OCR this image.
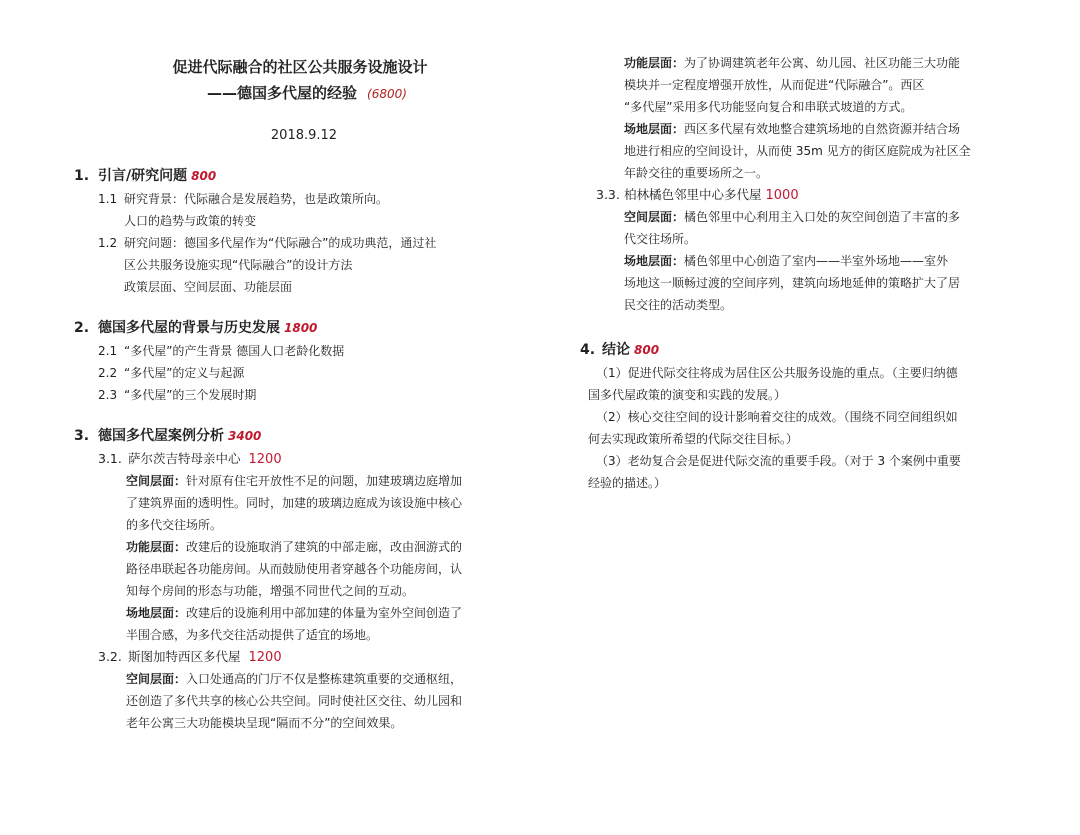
促进代际融合的社区公共服务设施设计
——德国多代屋的经验 (6800)
2018.9.12
1. 引言/研究问题 800
1.1 研究背景：代际融合是发展趋势，也是政策所向。
人口的趋势与政策的转变
1.2 研究问题：德国多代屋作为“代际融合”的成功典范，通过社
区公共服务设施实现“代际融合”的设计方法
政策层面、空间层面、功能层面
2. 德国多代屋的背景与历史发展 1800
2.1 “多代屋”的产生背景 德国人口老龄化数据
2.2 “多代屋”的定义与起源
2.3 “多代屋”的三个发展时期
3. 德国多代屋案例分析 3400
3.1. 萨尔茨吉特母亲中心 1200
空间层面：针对原有住宅开放性不足的问题，加建玻璃边庭增加
了建筑界面的透明性。同时，加建的玻璃边庭成为该设施中核心
的多代交往场所。
功能层面：改建后的设施取消了建筑的中部走廊，改由洄游式的
路径串联起各功能房间。从而鼓励使用者穿越各个功能房间，认
知每个房间的形态与功能，增强不同世代之间的互动。
场地层面：改建后的设施利用中部加建的体量为室外空间创造了
半围合感，为多代交往活动提供了适宜的场地。
3.2. 斯图加特西区多代屋 1200
空间层面：入口处通高的门厅不仅是整栋建筑重要的交通枢纽，
还创造了多代共享的核心公共空间。同时使社区交往、幼儿园和
老年公寓三大功能模块呈现“隔而不分”的空间效果。
功能层面：为了协调建筑老年公寓、幼儿园、社区功能三大功能
模块并一定程度增强开放性，从而促进“代际融合”。西区
“多代屋”采用多代功能竖向复合和串联式坡道的方式。
场地层面：西区多代屋有效地整合建筑场地的自然资源并结合场
地进行相应的空间设计，从而使 35m 见方的街区庭院成为社区全
年龄交往的重要场所之一。
3.3. 柏林橘色邻里中心多代屋 1000
空间层面：橘色邻里中心利用主入口处的灰空间创造了丰富的多
代交往场所。
场地层面：橘色邻里中心创造了室内——半室外场地——室外
场地这一顺畅过渡的空间序列，建筑向场地延伸的策略扩大了居
民交往的活动类型。
4. 结论 800
（1）促进代际交往将成为居住区公共服务设施的重点。（主要归纳德
国多代屋政策的演变和实践的发展。）
（2）核心交往空间的设计影响着交往的成效。（围绕不同空间组织如
何去实现政策所希望的代际交往目标。）
（3）老幼复合会是促进代际交流的重要手段。（对于 3 个案例中重要
经验的描述。）
